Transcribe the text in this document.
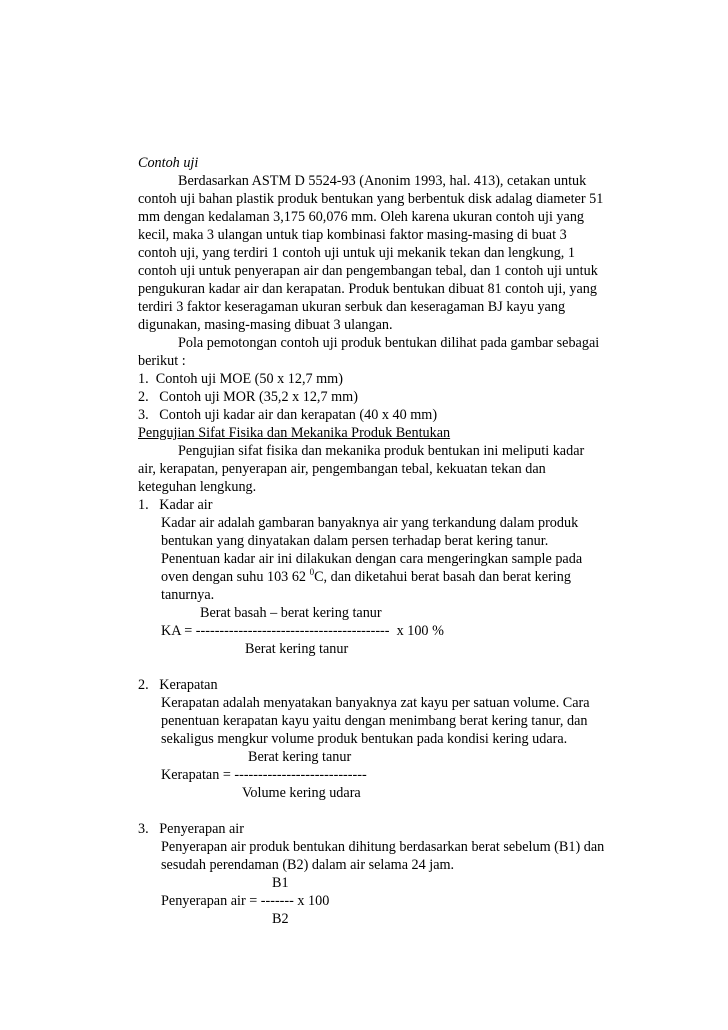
Contoh uji
Berdasarkan ASTM D 5524-93 (Anonim 1993, hal. 413), cetakan untuk
contoh uji bahan plastik produk bentukan yang berbentuk disk adalag diameter 51
mm dengan kedalaman 3,175 60,076 mm. Oleh karena ukuran contoh uji yang
kecil, maka 3 ulangan untuk tiap kombinasi faktor masing-masing di buat 3
contoh uji, yang terdiri 1 contoh uji untuk uji mekanik tekan dan lengkung, 1
contoh uji untuk penyerapan air dan pengembangan tebal, dan 1 contoh uji untuk
pengukuran kadar air dan kerapatan. Produk bentukan dibuat 81 contoh uji, yang
terdiri 3 faktor keseragaman ukuran serbuk dan keseragaman BJ kayu yang
digunakan, masing-masing dibuat 3 ulangan.
Pola pemotongan contoh uji produk bentukan dilihat pada gambar sebagai
berikut :
1.  Contoh uji MOE (50 x 12,7 mm)
2.   Contoh uji MOR (35,2 x 12,7 mm)
3.   Contoh uji kadar air dan kerapatan (40 x 40 mm)
Pengujian Sifat Fisika dan Mekanika Produk Bentukan
Pengujian sifat fisika dan mekanika produk bentukan ini meliputi kadar
air, kerapatan, penyerapan air, pengembangan tebal, kekuatan tekan dan
keteguhan lengkung.
1.   Kadar air
Kadar air adalah gambaran banyaknya air yang terkandung dalam produk
bentukan yang dinyatakan dalam persen terhadap berat kering tanur.
Penentuan kadar air ini dilakukan dengan cara mengeringkan sample pada
oven dengan suhu 103 62 $^0$C, dan diketahui berat basah dan berat kering
tanurnya.
Berat basah – berat kering tanur
KA = -----------------------------------------  x 100 %
Berat kering tanur
2.   Kerapatan
Kerapatan adalah menyatakan banyaknya zat kayu per satuan volume. Cara
penentuan kerapatan kayu yaitu dengan menimbang berat kering tanur, dan
sekaligus mengkur volume produk bentukan pada kondisi kering udara.
Berat kering tanur
Kerapatan = ----------------------------
Volume kering udara
3.   Penyerapan air
Penyerapan air produk bentukan dihitung berdasarkan berat sebelum (B1) dan
sesudah perendaman (B2) dalam air selama 24 jam.
B1
Penyerapan air = ------- x 100
B2
